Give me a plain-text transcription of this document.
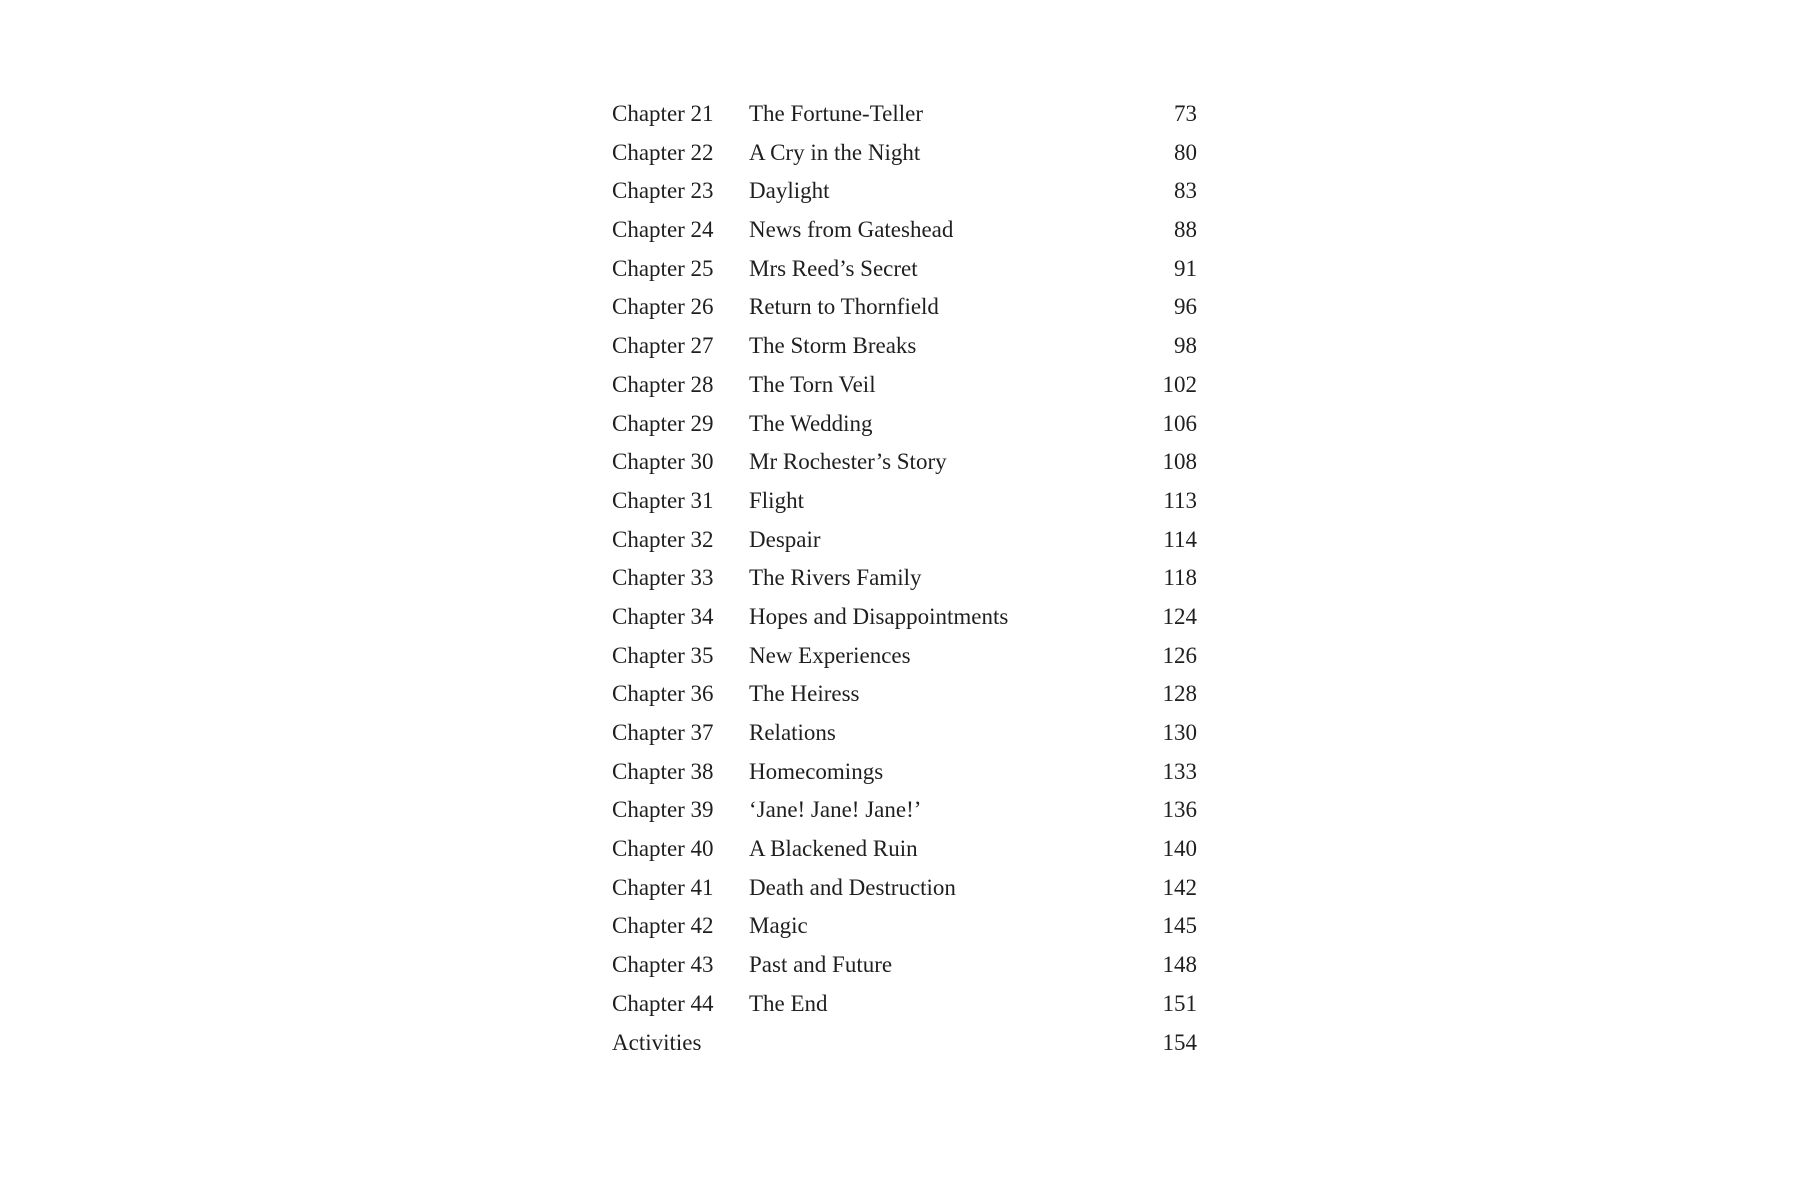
Chapter 21	The Fortune-Teller	73
Chapter 22	A Cry in the Night	80
Chapter 23	Daylight	83
Chapter 24	News from Gateshead	88
Chapter 25	Mrs Reed’s Secret	91
Chapter 26	Return to Thornfield	96
Chapter 27	The Storm Breaks	98
Chapter 28	The Torn Veil	102
Chapter 29	The Wedding	106
Chapter 30	Mr Rochester’s Story	108
Chapter 31	Flight	113
Chapter 32	Despair	114
Chapter 33	The Rivers Family	118
Chapter 34	Hopes and Disappointments	124
Chapter 35	New Experiences	126
Chapter 36	The Heiress	128
Chapter 37	Relations	130
Chapter 38	Homecomings	133
Chapter 39	‘Jane! Jane! Jane!’	136
Chapter 40	A Blackened Ruin	140
Chapter 41	Death and Destruction	142
Chapter 42	Magic	145
Chapter 43	Past and Future	148
Chapter 44	The End	151
Activities	154
